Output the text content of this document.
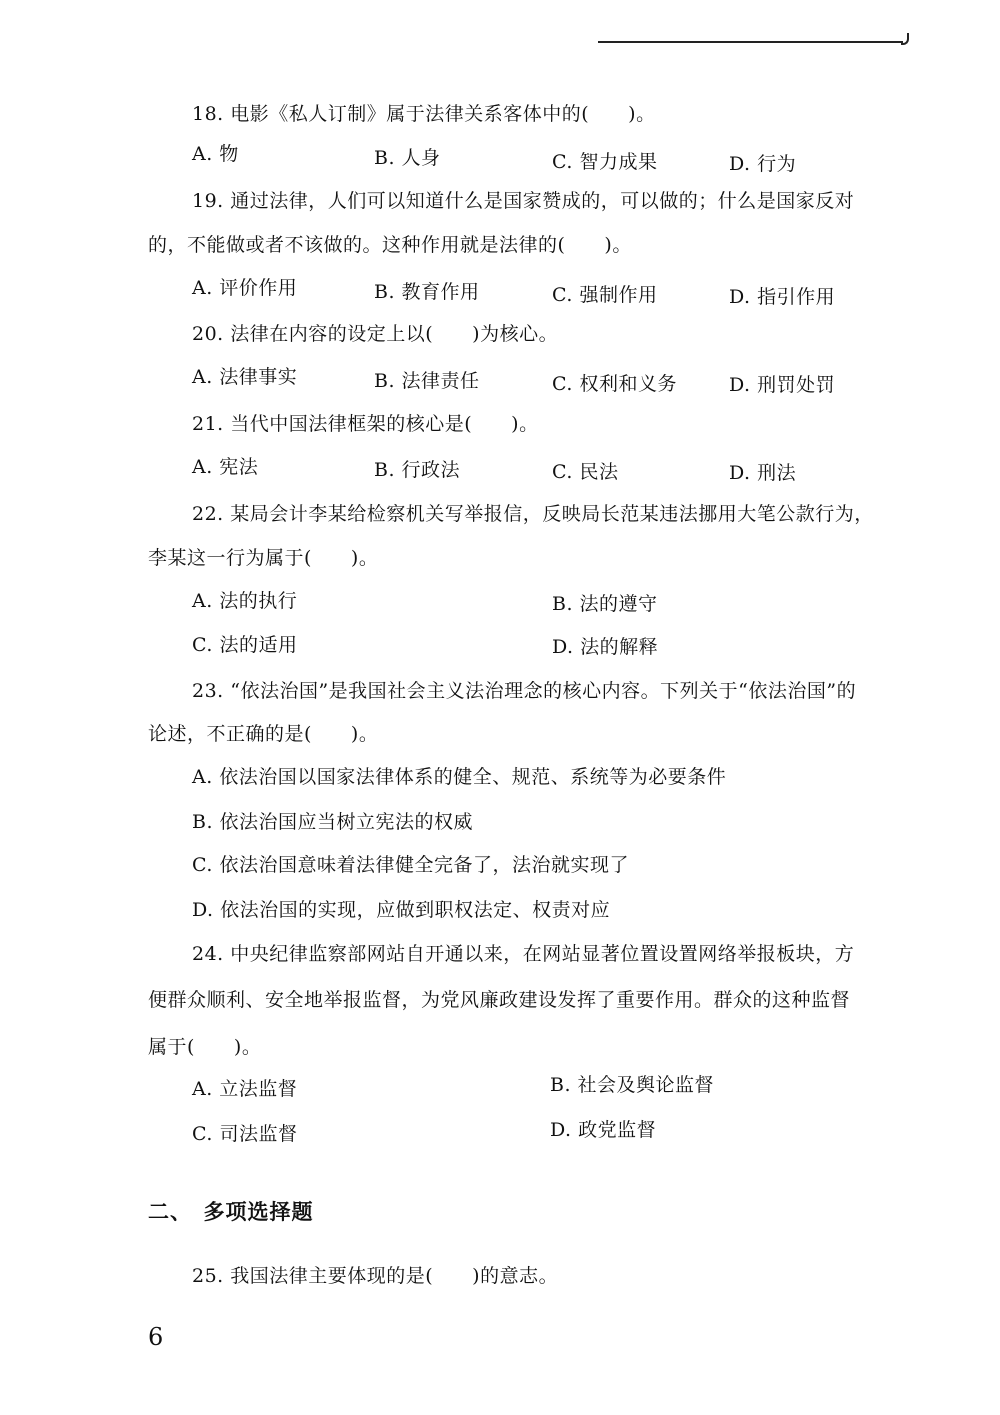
18. 电影《私人订制》属于法律关系客体中的(　　)。
A. 物	B. 人身	C. 智力成果	D. 行为
19. 通过法律，人们可以知道什么是国家赞成的，可以做的；什么是国家反对
的，不能做或者不该做的。这种作用就是法律的(　　)。
A. 评价作用	B. 教育作用	C. 强制作用	D. 指引作用
20. 法律在内容的设定上以(　　)为核心。
A. 法律事实	B. 法律责任	C. 权利和义务	D. 刑罚处罚
21. 当代中国法律框架的核心是(　　)。
A. 宪法	B. 行政法	C. 民法	D. 刑法
22. 某局会计李某给检察机关写举报信，反映局长范某违法挪用大笔公款行为，
李某这一行为属于(　　)。
A. 法的执行	B. 法的遵守
C. 法的适用	D. 法的解释
23. “依法治国”是我国社会主义法治理念的核心内容。下列关于“依法治国”的
论述，不正确的是(　　)。
A. 依法治国以国家法律体系的健全、规范、系统等为必要条件
B. 依法治国应当树立宪法的权威
C. 依法治国意味着法律健全完备了，法治就实现了
D. 依法治国的实现，应做到职权法定、权责对应
24. 中央纪律监察部网站自开通以来，在网站显著位置设置网络举报板块，方
便群众顺利、安全地举报监督，为党风廉政建设发挥了重要作用。群众的这种监督
属于(　　)。
A. 立法监督	B. 社会及舆论监督
C. 司法监督	D. 政党监督
二、　多项选择题
25. 我国法律主要体现的是(　　)的意志。
6
